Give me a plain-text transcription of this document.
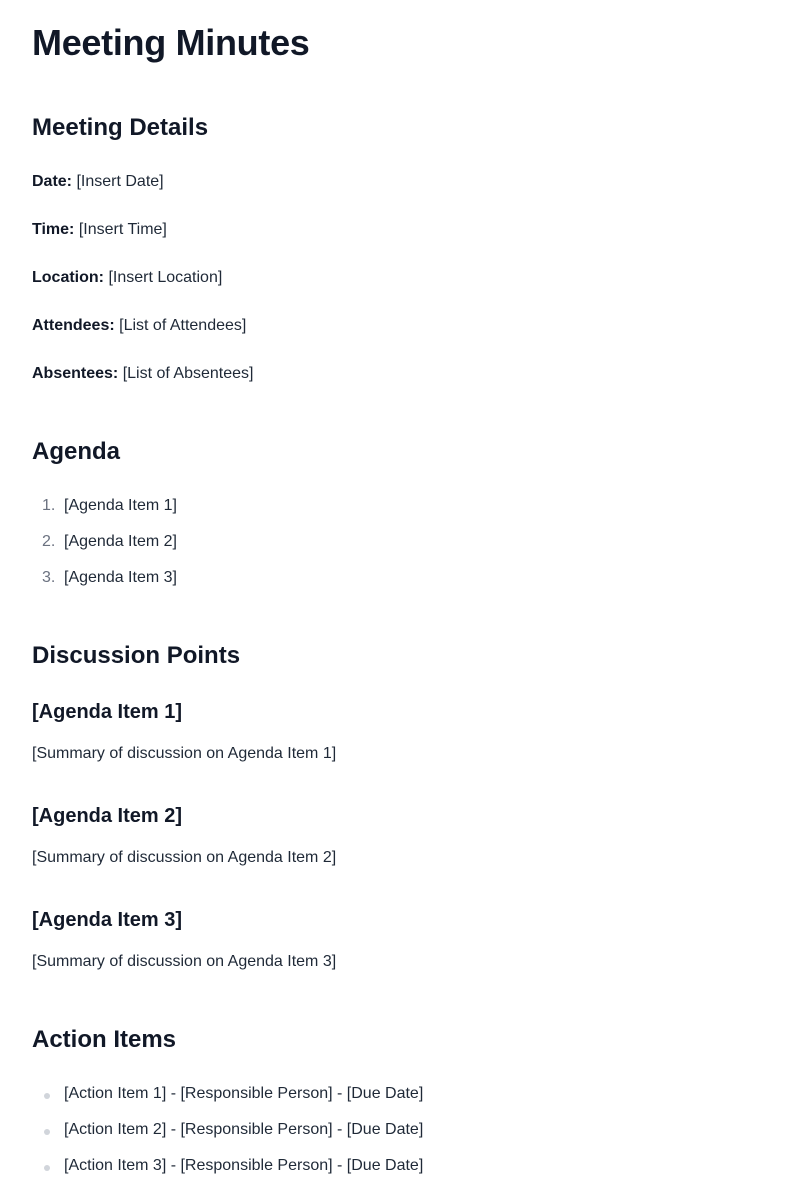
Meeting Minutes
Meeting Details

Date: [Insert Date]

Time: [Insert Time]

Location: [Insert Location]

Attendees: [List of Attendees]

Absentees: [List of Absentees]

Agenda
1. [Agenda Item 1]
2. [Agenda Item 2]
3. [Agenda Item 3]
Discussion Points
[Agenda Item 1]

[Summary of discussion on Agenda Item 1]

[Agenda Item 2]

[Summary of discussion on Agenda Item 2]

[Agenda Item 3]

[Summary of discussion on Agenda Item 3]

Action Items
[Action Item 1] - [Responsible Person] - [Due Date]
[Action Item 2] - [Responsible Person] - [Due Date]
[Action Item 3] - [Responsible Person] - [Due Date]
